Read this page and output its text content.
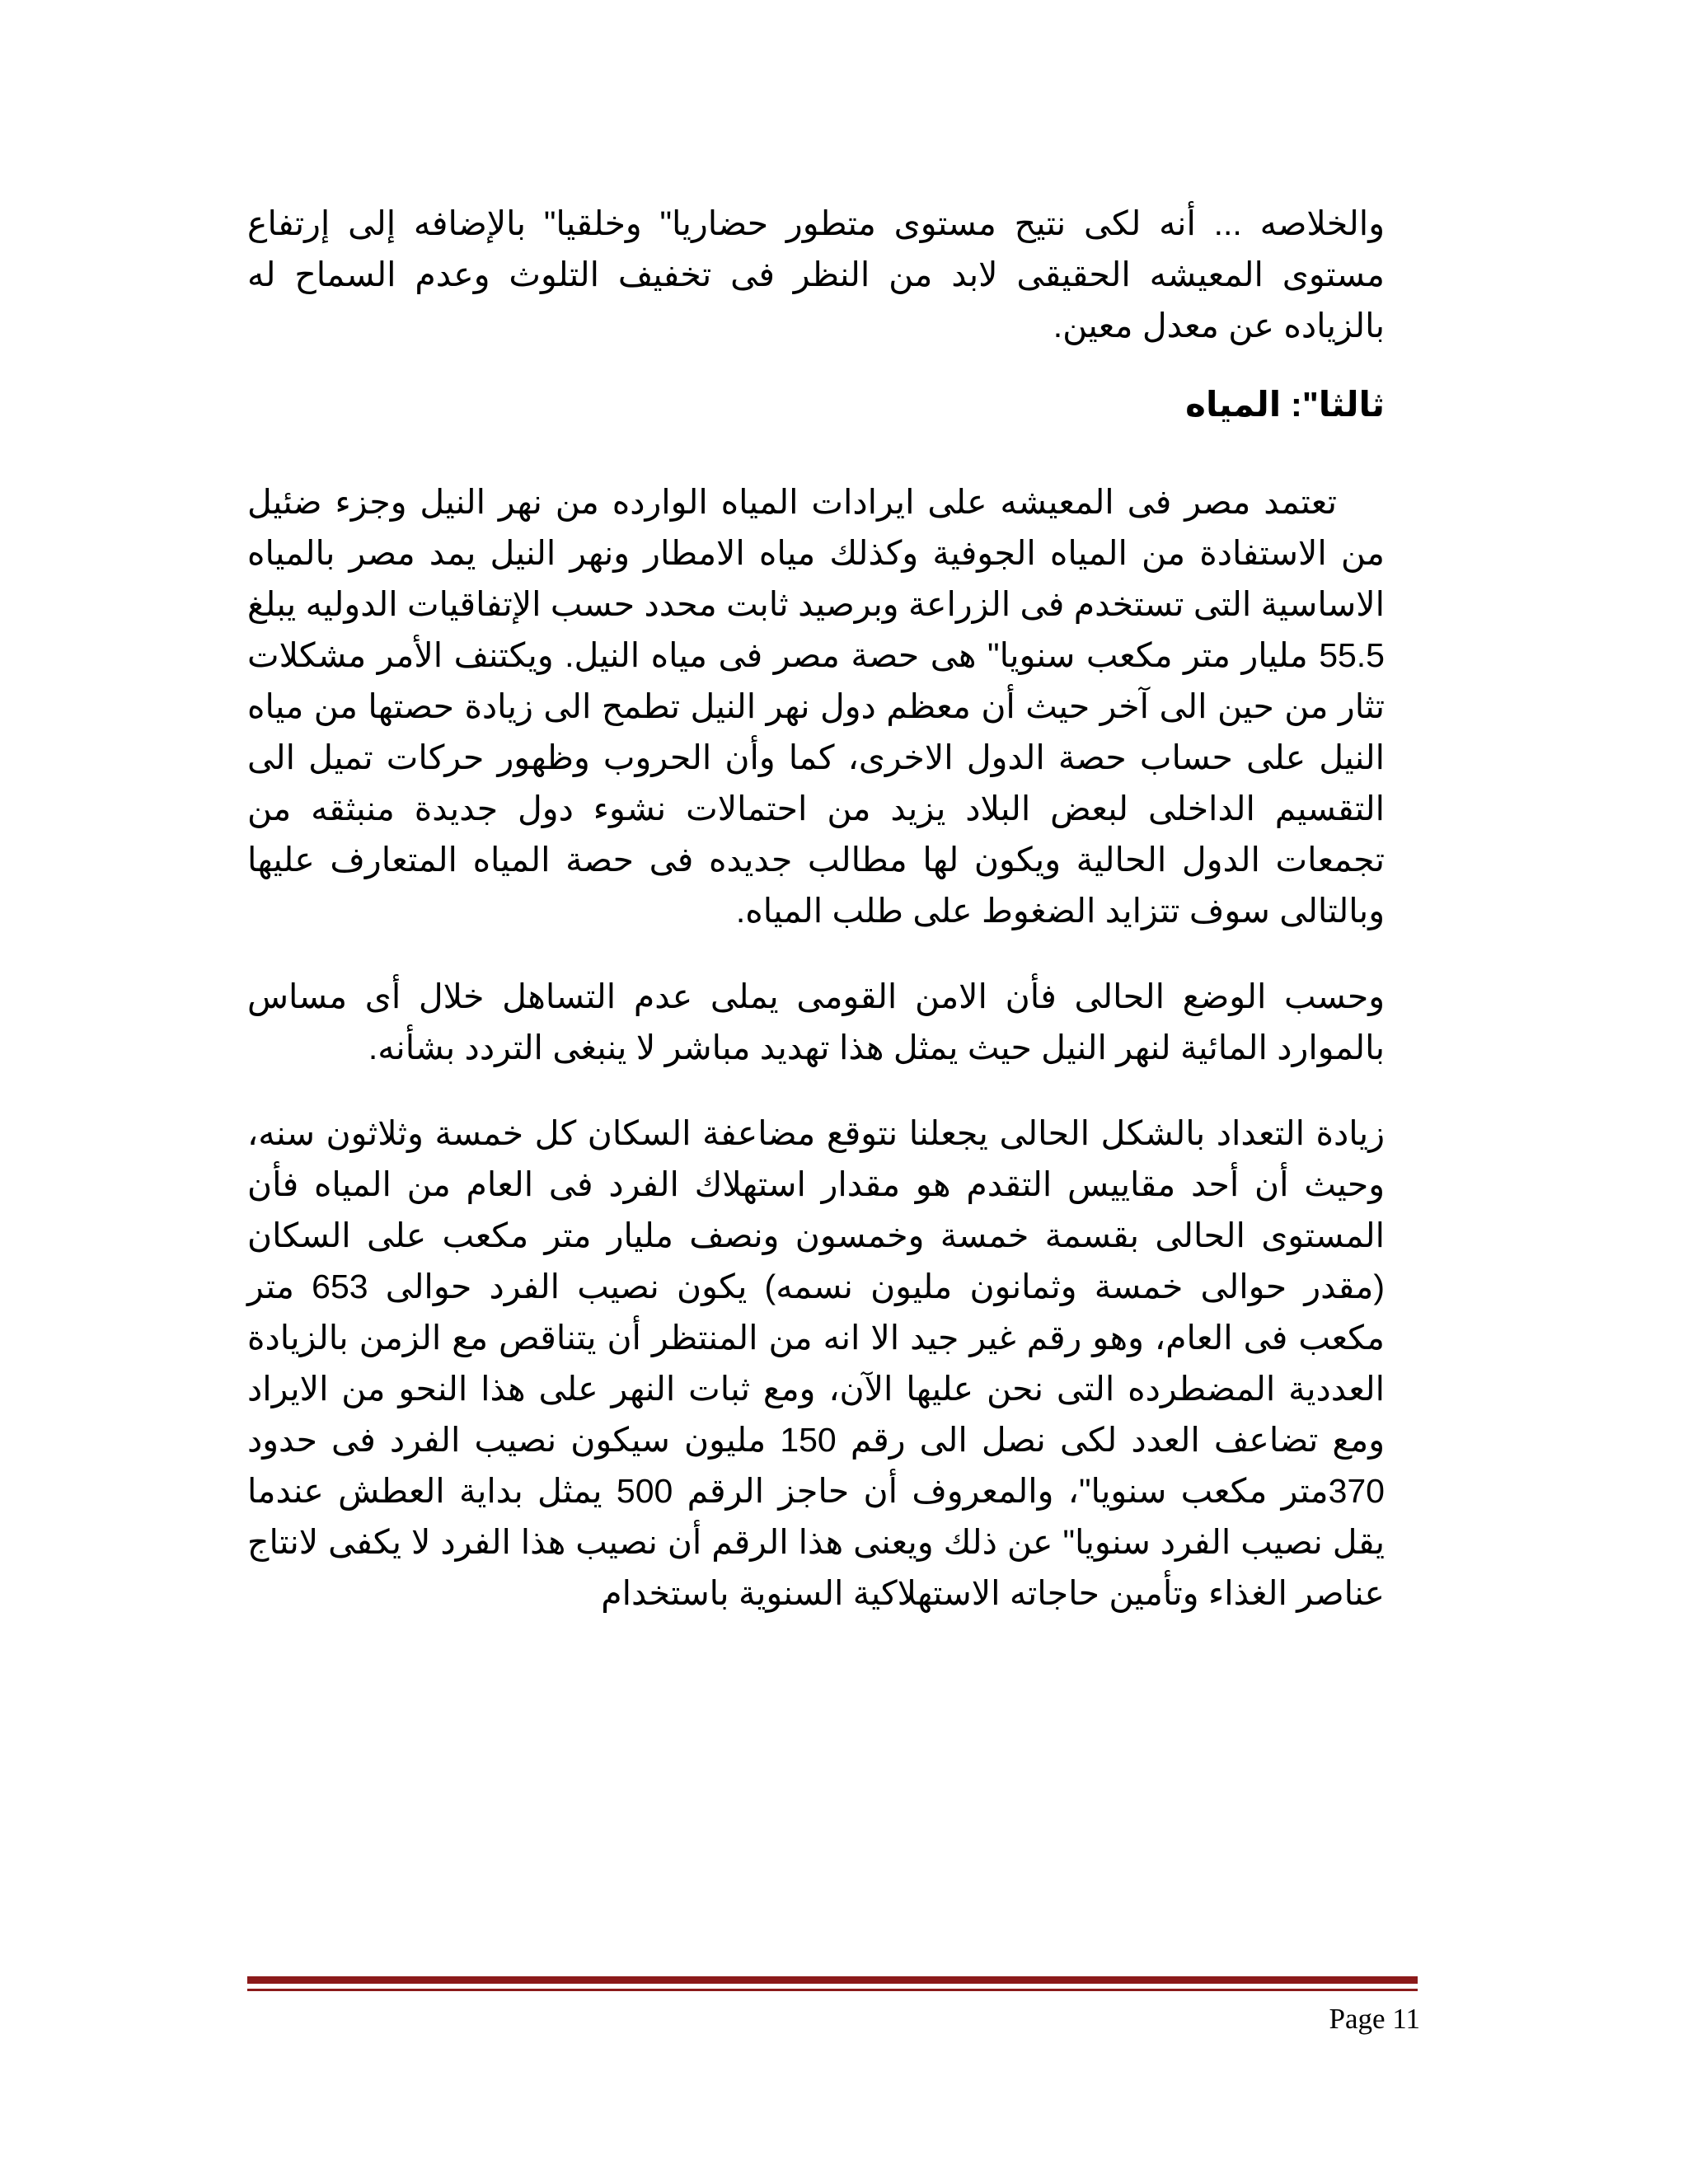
والخلاصه ... أنه لكى نتيح مستوى متطور حضاريا" وخلقيا" بالإضافه إلى إرتفاع مستوى المعيشه الحقيقى لابد من النظر فى تخفيف التلوث وعدم السماح له بالزياده عن معدل معين.

ثالثا": المياه

تعتمد مصر فى المعيشه على ايرادات المياه الوارده من نهر النيل وجزء ضئيل من الاستفادة من المياه الجوفية وكذلك مياه الامطار ونهر النيل يمد مصر بالمياه الاساسية التى تستخدم فى الزراعة وبرصيد ثابت محدد حسب الإتفاقيات الدوليه يبلغ 55.5 مليار متر مكعب سنويا" هى حصة مصر فى مياه النيل. ويكتنف الأمر مشكلات تثار من حين الى آخر حيث أن معظم دول نهر النيل تطمح الى زيادة حصتها من مياه النيل على حساب حصة الدول الاخرى، كما وأن الحروب وظهور حركات تميل الى التقسيم الداخلى لبعض البلاد يزيد من احتمالات نشوء دول جديدة منبثقه من تجمعات الدول الحالية ويكون لها مطالب جديده فى حصة المياه المتعارف عليها وبالتالى سوف تتزايد الضغوط على طلب المياه.

وحسب الوضع الحالى فأن الامن القومى يملى عدم التساهل خلال أى مساس بالموارد المائية لنهر النيل حيث يمثل هذا تهديد مباشر لا ينبغى التردد بشأنه.

زيادة التعداد بالشكل الحالى يجعلنا نتوقع مضاعفة السكان كل خمسة وثلاثون سنه، وحيث أن أحد مقاييس التقدم هو مقدار استهلاك الفرد فى العام من المياه فأن المستوى الحالى بقسمة خمسة وخمسون ونصف مليار متر مكعب على السكان (مقدر حوالى خمسة وثمانون مليون نسمه) يكون نصيب الفرد حوالى 653 متر مكعب فى العام، وهو رقم غير جيد الا انه من المنتظر أن يتناقص مع الزمن بالزيادة العددية المضطرده التى نحن عليها الآن، ومع ثبات النهر على هذا النحو من الايراد ومع تضاعف العدد لكى نصل الى رقم 150 مليون سيكون نصيب الفرد فى حدود 370متر مكعب سنويا"، والمعروف أن حاجز الرقم 500 يمثل بداية العطش عندما يقل نصيب الفرد سنويا" عن ذلك ويعنى هذا الرقم أن نصيب هذا الفرد لا يكفى لانتاج عناصر الغذاء وتأمين حاجاته الاستهلاكية السنوية باستخدام

Page 11
